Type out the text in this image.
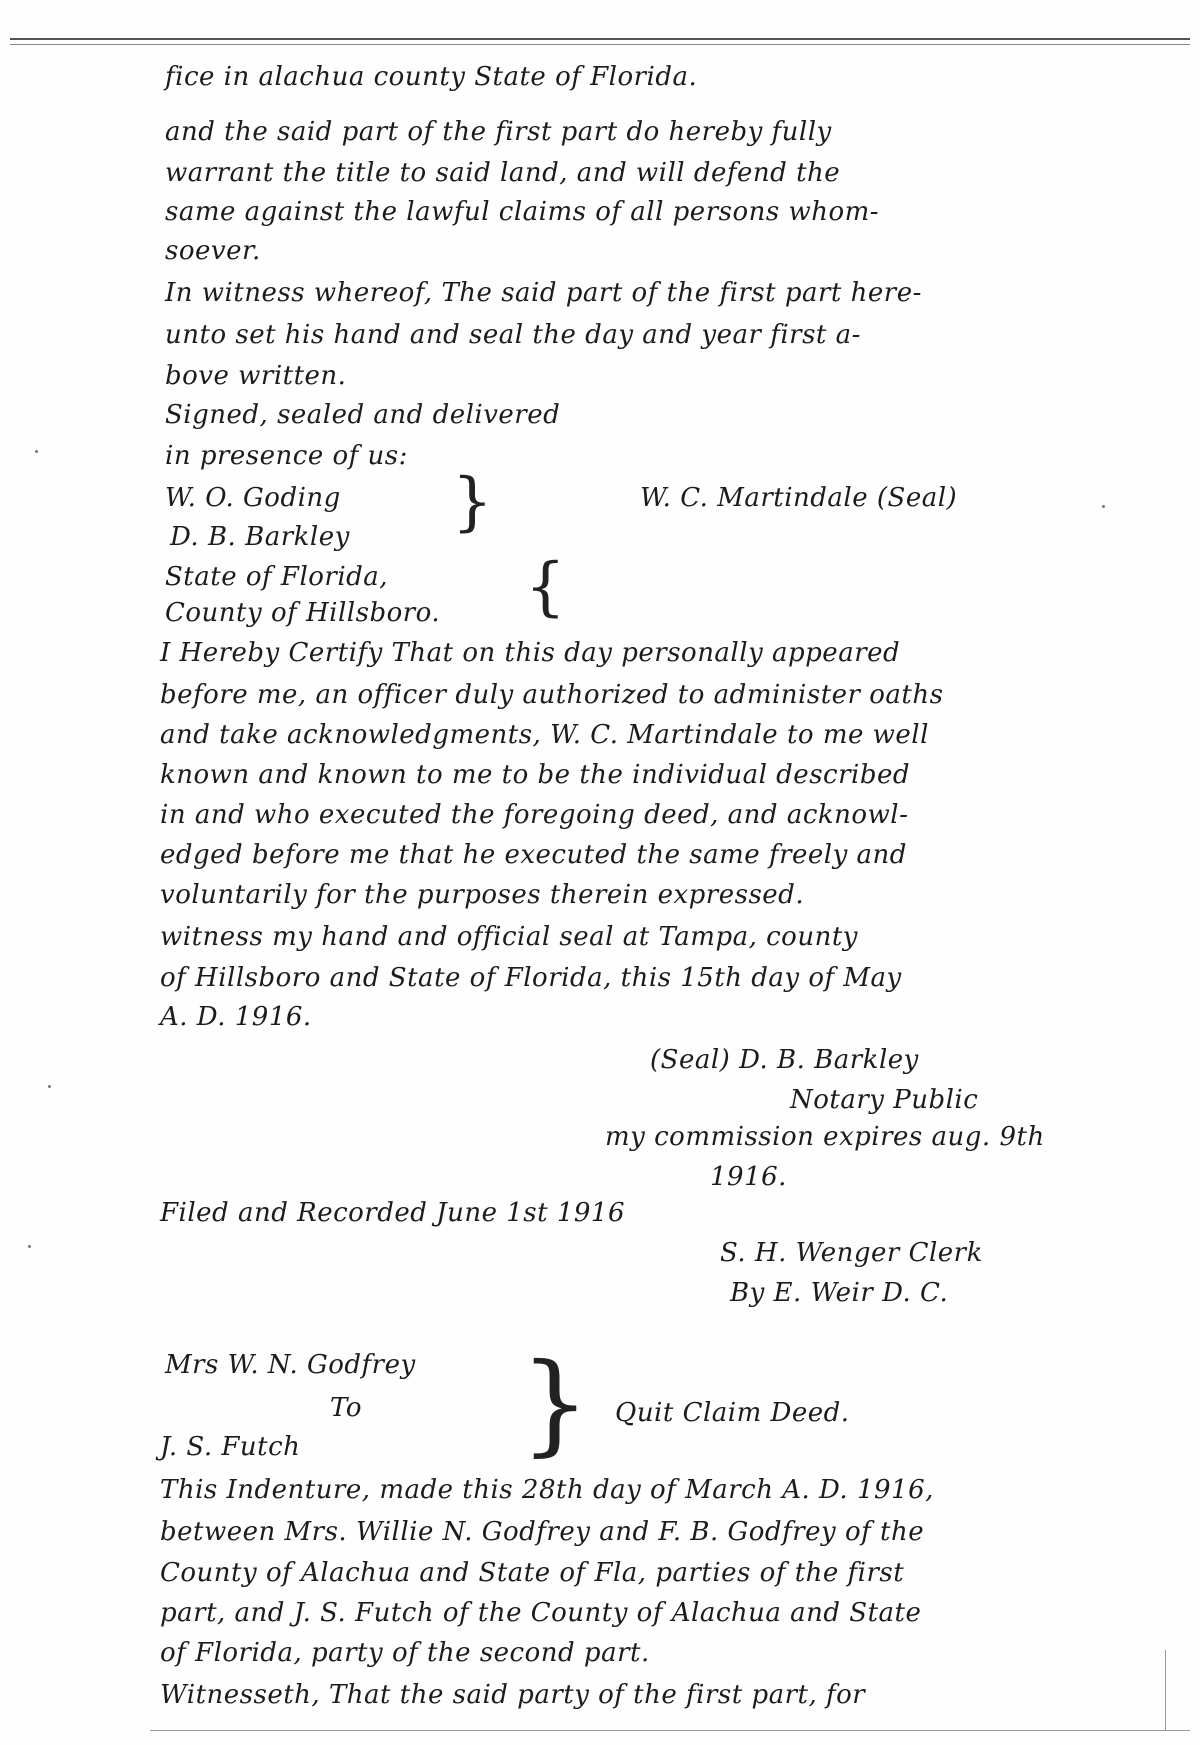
fice in alachua county State of Florida.
and the said part of the first part do hereby fully
warrant the title to said land, and will defend the
same against the lawful claims of all persons whom-
soever.
In witness whereof, The said part of the first part here-
unto set his hand and seal the day and year first a-
bove written.
Signed, sealed and delivered
in presence of us:
W. O. Goding }	W. C. Martindale (Seal)
D. B. Barkley
State of Florida, {
County of Hillsboro.
I Hereby Certify That on this day personally appeared
before me, an officer duly authorized to administer oaths
and take acknowledgments, W. C. Martindale to me well
known and known to me to be the individual described
in and who executed the foregoing deed, and acknowl-
edged before me that he executed the same freely and
voluntarily for the purposes therein expressed.
witness my hand and official seal at Tampa, county
of Hillsboro and State of Florida, this 15th day of May
A. D. 1916.
(Seal) D. B. Barkley
Notary Public
my commission expires aug. 9th
1916.
Filed and Recorded June 1st 1916
S. H. Wenger Clerk
By E. Weir D. C.
Mrs W. N. Godfrey } Quit Claim Deed.
To
J. S. Futch
This Indenture, made this 28th day of March A. D. 1916,
between Mrs. Willie N. Godfrey and F. B. Godfrey of the
County of Alachua and State of Fla, parties of the first
part, and J. S. Futch of the County of Alachua and State
of Florida, party of the second part.
Witnesseth, That the said party of the first part, for
